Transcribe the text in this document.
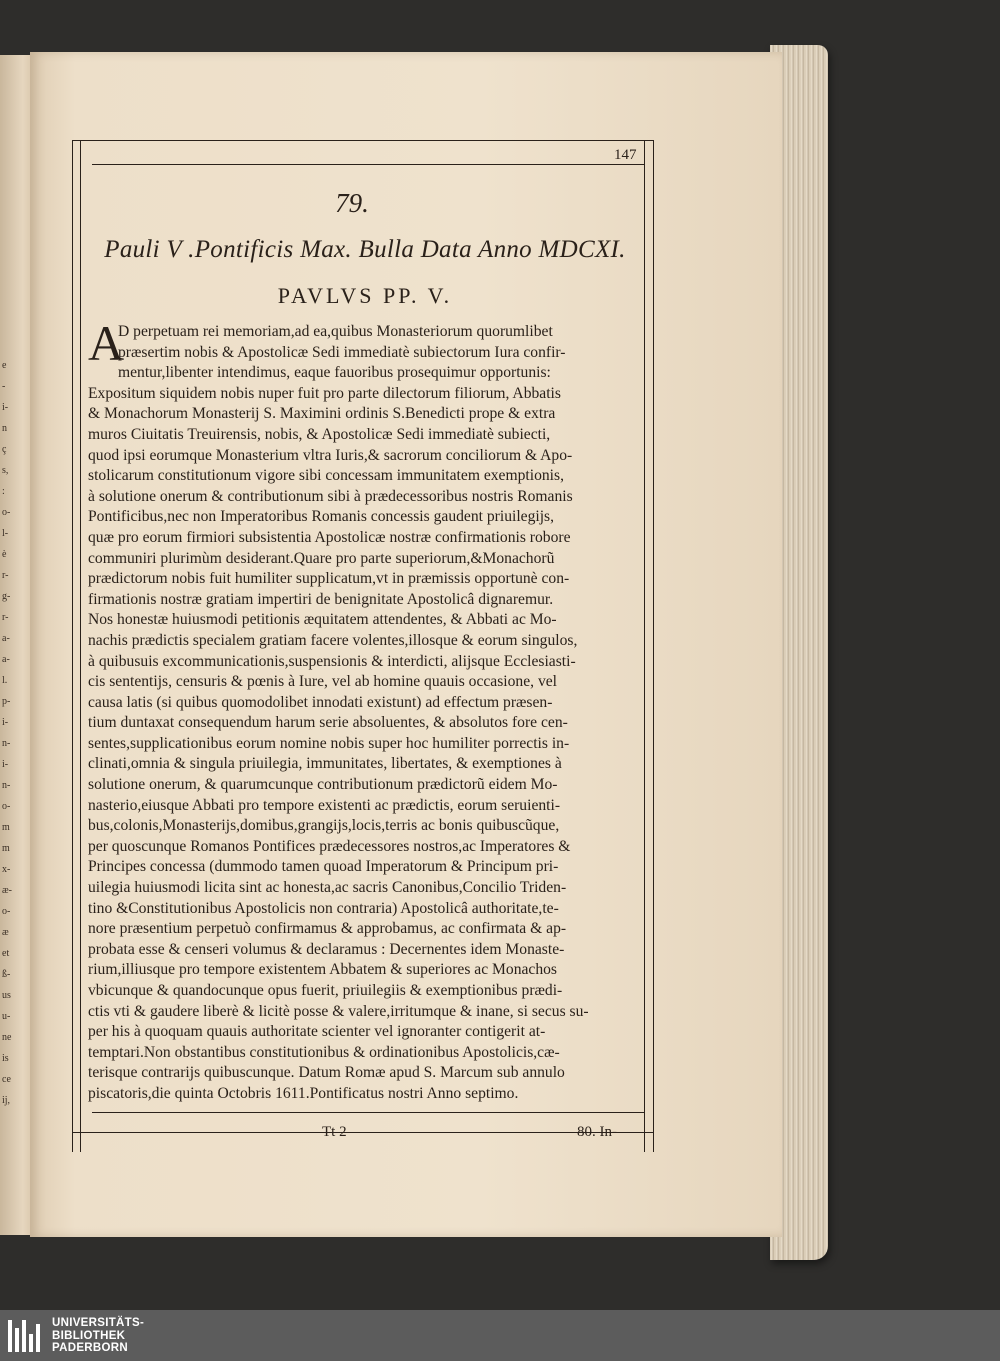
e
-
i-
n
ç
s,
:
o-
l-
è
r-
g-
r-
a-
a-
l.
p-
i-
n-
i-
n-
o-
m
m
x-
æ-
o-
æ
et
ß-
us
u-
ne
is
ce
ij,
147
79.
Pauli V .Pontificis Max. Bulla Data Anno MDCXI.
PAVLVS PP. V.
A
D perpetuam rei memoriam,ad ea,quibus Monasteriorum quorumlibet
præsertim nobis & Apostolicæ Sedi immediatè subiectorum Iura confir-
mentur,libenter intendimus, eaque fauoribus prosequimur opportunis:
Expositum siquidem nobis nuper fuit pro parte dilectorum filiorum, Abbatis
& Monachorum Monasterij S. Maximini ordinis S.Benedicti prope & extra
muros Ciuitatis Treuirensis, nobis, & Apostolicæ Sedi immediatè subiecti,
quod ipsi eorumque Monasterium vltra Iuris,& sacrorum conciliorum & Apo-
stolicarum constitutionum vigore sibi concessam immunitatem exemptionis,
à solutione onerum & contributionum sibi à prædecessoribus nostris Romanis
Pontificibus,nec non Imperatoribus Romanis concessis gaudent priuilegijs,
quæ pro eorum firmiori subsistentia Apostolicæ nostræ confirmationis robore
communiri plurimùm desiderant.Quare pro parte superiorum,&Monachorũ
prædictorum nobis fuit humiliter supplicatum,vt in præmissis opportunè con-
firmationis nostræ gratiam impertiri de benignitate Apostolicâ dignaremur.
Nos honestæ huiusmodi petitionis æquitatem attendentes, & Abbati ac Mo-
nachis prædictis specialem gratiam facere volentes,illosque & eorum singulos,
à quibusuis excommunicationis,suspensionis & interdicti, alijsque Ecclesiasti-
cis sententijs, censuris & pœnis à Iure, vel ab homine quauis occasione, vel
causa latis (si quibus quomodolibet innodati existunt) ad effectum præsen-
tium duntaxat consequendum harum serie absoluentes, & absolutos fore cen-
sentes,supplicationibus eorum nomine nobis super hoc humiliter porrectis in-
clinati,omnia & singula priuilegia, immunitates, libertates, & exemptiones à
solutione onerum, & quarumcunque contributionum prædictorũ eidem Mo-
nasterio,eiusque Abbati pro tempore existenti ac prædictis, eorum seruienti-
bus,colonis,Monasterijs,domibus,grangijs,locis,terris ac bonis quibuscũque,
per quoscunque Romanos Pontifices prædecessores nostros,ac Imperatores &
Principes concessa (dummodo tamen quoad Imperatorum & Principum pri-
uilegia huiusmodi licita sint ac honesta,ac sacris Canonibus,Concilio Triden-
tino &Constitutionibus Apostolicis non contraria) Apostolicâ authoritate,te-
nore præsentium perpetuò confirmamus & approbamus, ac confirmata & ap-
probata esse & censeri volumus & declaramus : Decernentes idem Monaste-
rium,illiusque pro tempore existentem Abbatem & superiores ac Monachos
vbicunque & quandocunque opus fuerit, priuilegiis & exemptionibus prædi-
ctis vti & gaudere liberè & licitè posse & valere,irritumque & inane, si secus su-
per his à quoquam quauis authoritate scienter vel ignoranter contigerit at-
temptari.Non obstantibus constitutionibus & ordinationibus Apostolicis,cæ-
terisque contrarijs quibuscunque. Datum Romæ apud S. Marcum sub annulo
piscatoris,die quinta Octobris 1611.Pontificatus nostri Anno septimo.
Tt 2	80. In-
UNIVERSITÄTS-
BIBLIOTHEK
PADERBORN
